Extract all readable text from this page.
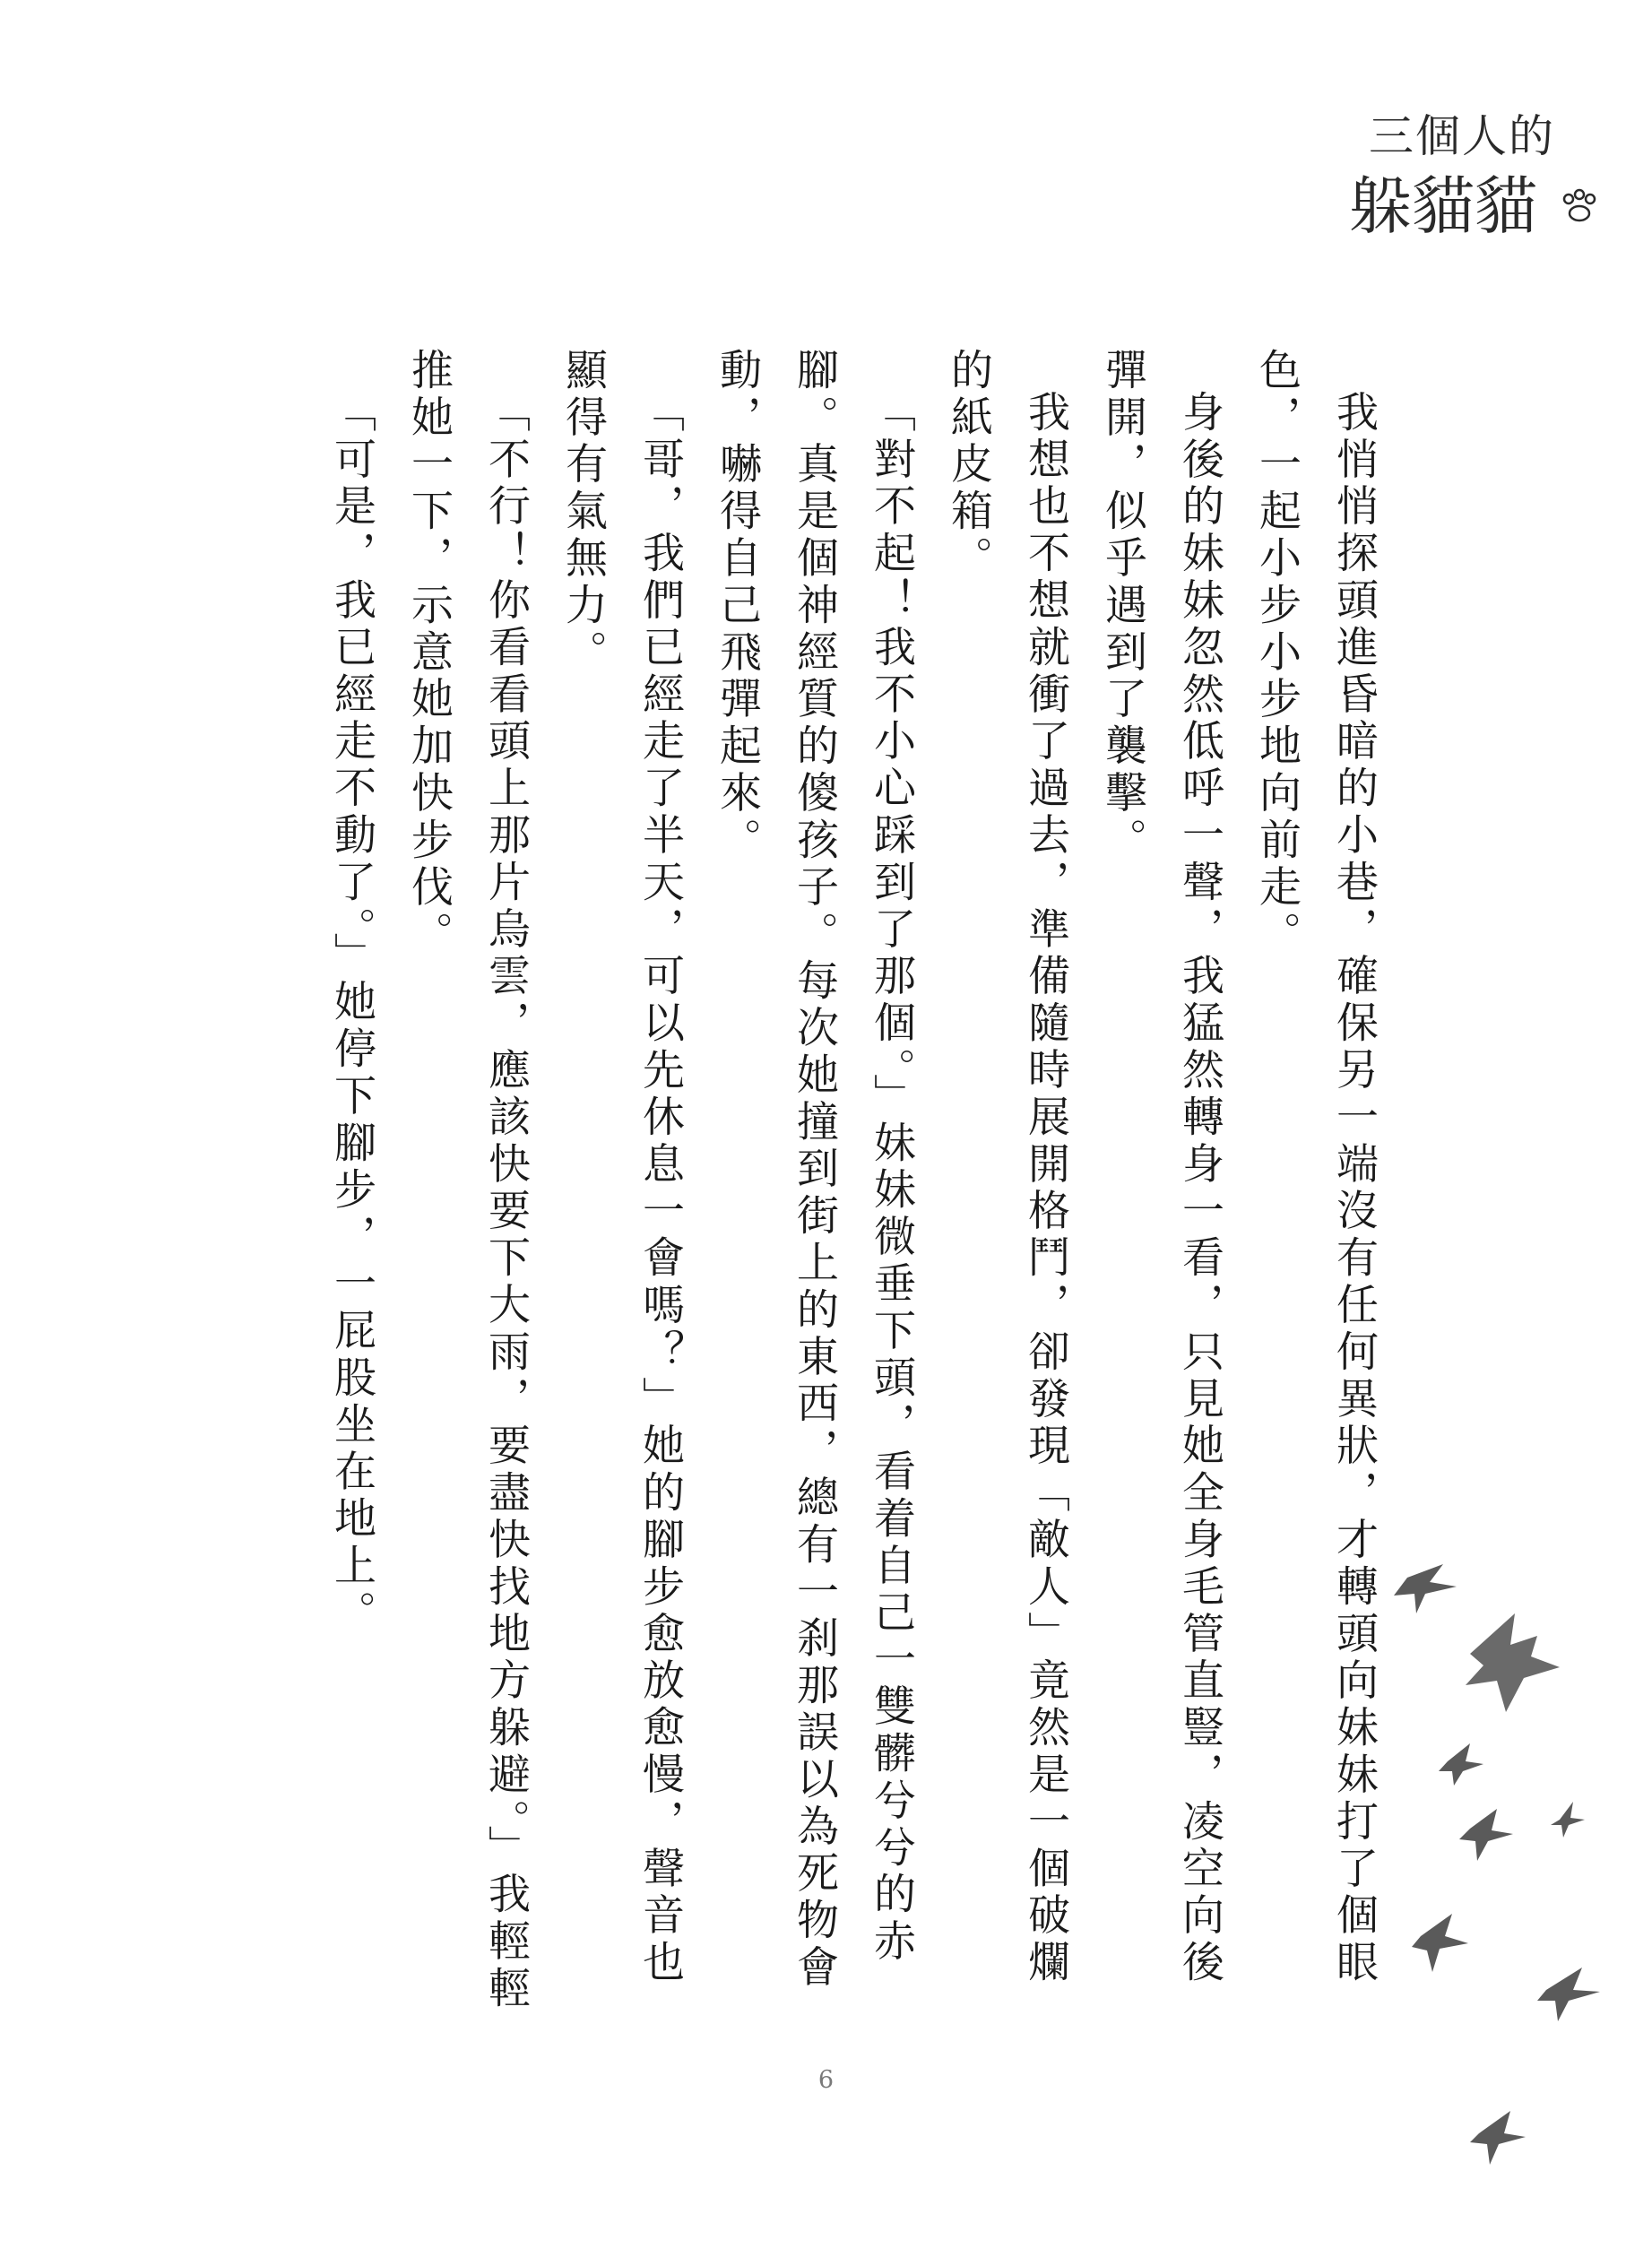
三個人的
躲貓貓

我悄悄探頭進昏暗的小巷，確保另一端沒有任何異狀，才轉頭向妹妹打了個眼色，一起小步小步地向前走。

身後的妹妹忽然低呼一聲，我猛然轉身一看，只見她全身毛管直豎，凌空向後彈開，似乎遇到了襲擊。

我想也不想就衝了過去，準備隨時展開格鬥，卻發現「敵人」竟然是一個破爛的紙皮箱。

「對不起！我不小心踩到了那個。」妹妹微垂下頭，看着自己一雙髒兮兮的赤腳。真是個神經質的傻孩子。每次她撞到街上的東西，總有一刹那誤以為死物會動，嚇得自己飛彈起來。

「哥，我們已經走了半天，可以先休息一會嗎？」她的腳步愈放愈慢，聲音也顯得有氣無力。

「不行！你看看頭上那片烏雲，應該快要下大雨，要盡快找地方躲避。」我輕輕推她一下，示意她加快步伐。

「可是，我已經走不動了。」她停下腳步，一屁股坐在地上。

6
